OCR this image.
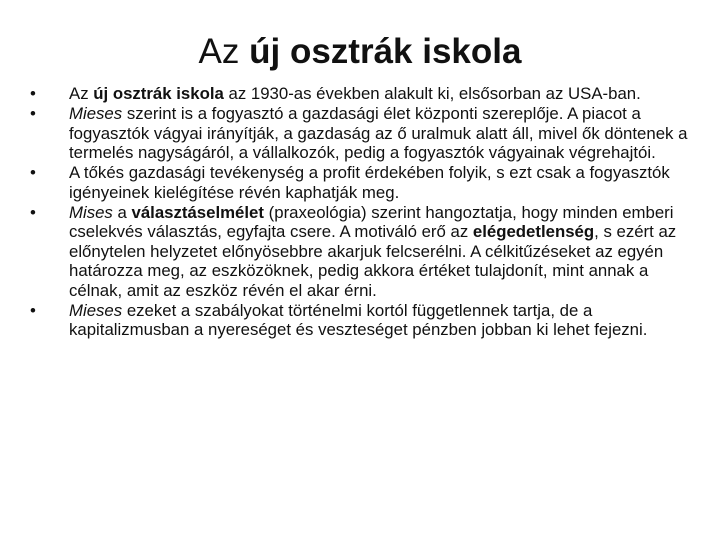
Az új osztrák iskola
•	Az új osztrák iskola az 1930-as években alakult ki, elsősorban az USA-ban.
•	Mieses szerint is a fogyasztó a gazdasági élet központi szereplője. A piacot a fogyasztók vágyai irányítják, a gazdaság az ő uralmuk alatt áll, mivel ők döntenek a termelés nagyságáról, a vállalkozók, pedig a fogyasztók vágyainak végrehajtói.
•	A tőkés gazdasági tevékenység a profit érdekében folyik, s ezt csak a fogyasztók igényeinek kielégítése révén kaphatják meg.
•	Mises a választáselmélet (praxeológia) szerint hangoztatja, hogy minden emberi cselekvés választás, egyfajta csere. A motiváló erő az elégedetlenség, s ezért az előnytelen helyzetet előnyösebbre akarjuk felcserélni. A célkitűzéseket az egyén határozza meg, az eszközöknek, pedig akkora értéket tulajdonít, mint annak a célnak, amit az eszköz révén el akar érni.
•	Mieses ezeket a szabályokat történelmi kortól függetlennek tartja, de a kapitalizmusban a nyereséget és veszteséget pénzben jobban ki lehet fejezni.
